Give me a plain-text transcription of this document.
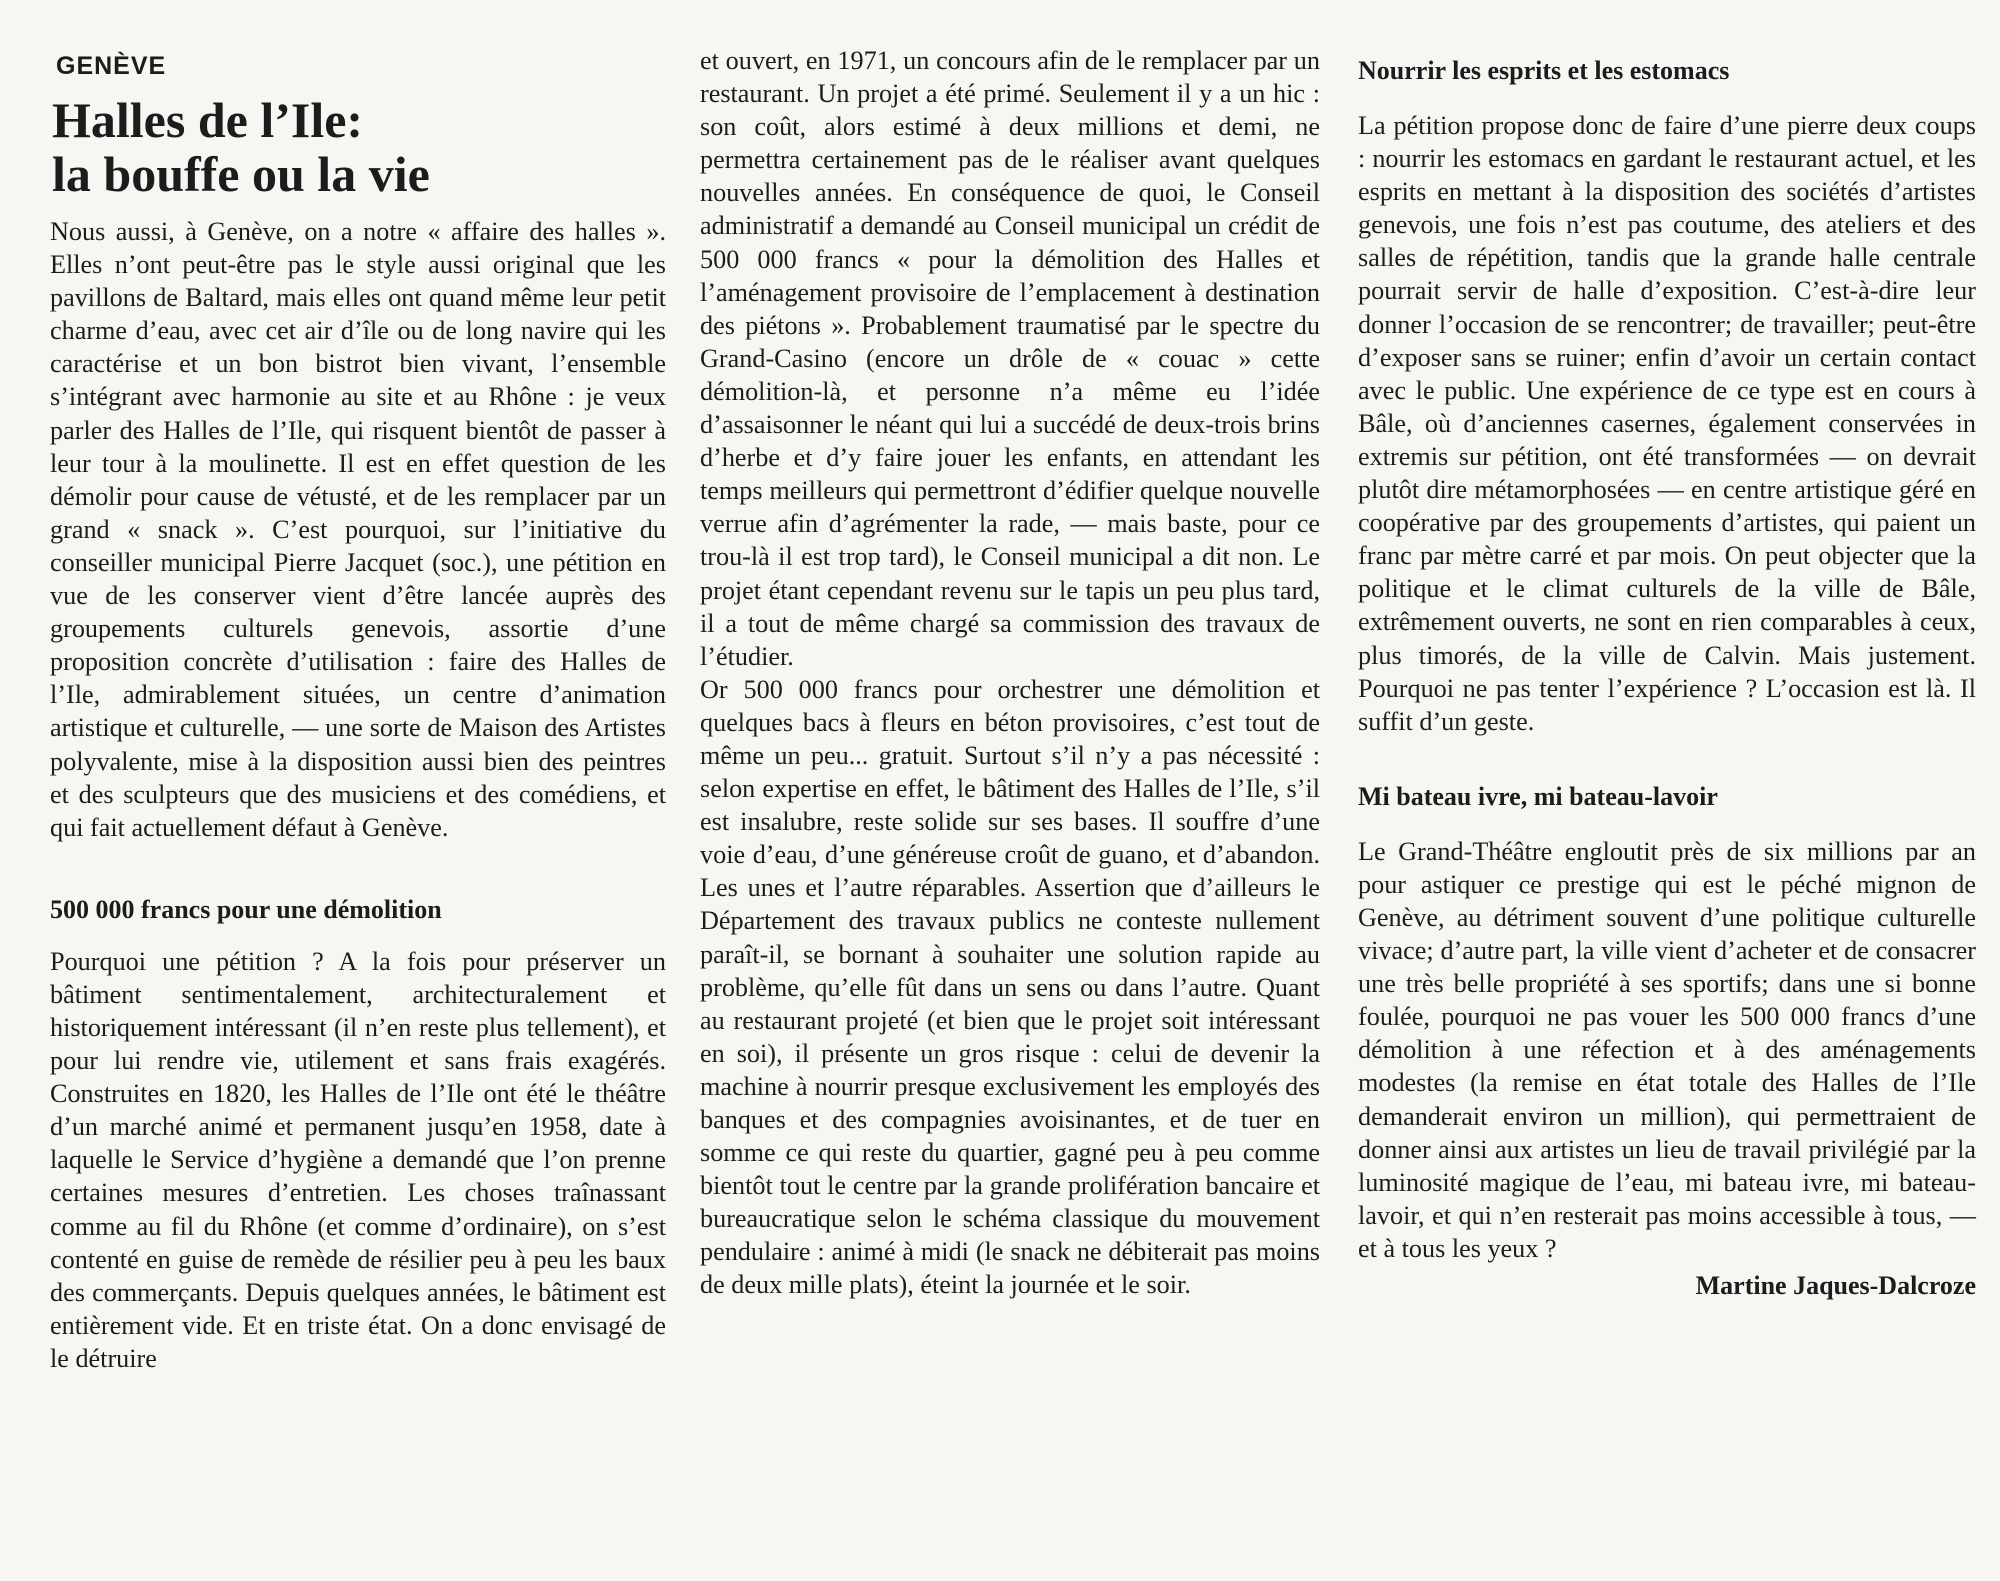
GENÈVE
Halles de l’Ile:
la bouffe ou la vie

Nous aussi, à Genève, on a notre « affaire des halles ». Elles n’ont peut-être pas le style aussi original que les pavillons de Baltard, mais elles ont quand même leur petit charme d’eau, avec cet air d’île ou de long navire qui les caractérise et un bon bistrot bien vivant, l’ensemble s’intégrant avec harmonie au site et au Rhône : je veux parler des Halles de l’Ile, qui risquent bientôt de passer à leur tour à la moulinette. Il est en effet question de les démolir pour cause de vétusté, et de les remplacer par un grand « snack ». C’est pourquoi, sur l’initiative du conseiller municipal Pierre Jacquet (soc.), une pétition en vue de les conserver vient d’être lancée auprès des groupements culturels genevois, assortie d’une proposition concrète d’utilisation : faire des Halles de l’Ile, admirablement situées, un centre d’animation artistique et culturelle, — une sorte de Maison des Artistes polyvalente, mise à la disposition aussi bien des peintres et des sculpteurs que des musiciens et des comédiens, et qui fait actuellement défaut à Genève.

500 000 francs pour une démolition

Pourquoi une pétition ? A la fois pour préserver un bâtiment sentimentalement, architecturalement et historiquement intéressant (il n’en reste plus tellement), et pour lui rendre vie, utilement et sans frais exagérés. Construites en 1820, les Halles de l’Ile ont été le théâtre d’un marché animé et permanent jusqu’en 1958, date à laquelle le Service d’hygiène a demandé que l’on prenne certaines mesures d’entretien. Les choses traînassant comme au fil du Rhône (et comme d’ordinaire), on s’est contenté en guise de remède de résilier peu à peu les baux des commerçants. Depuis quelques années, le bâtiment est entièrement vide. Et en triste état. On a donc envisagé de le détruire

et ouvert, en 1971, un concours afin de le remplacer par un restaurant. Un projet a été primé. Seulement il y a un hic : son coût, alors estimé à deux millions et demi, ne permettra certainement pas de le réaliser avant quelques nouvelles années. En conséquence de quoi, le Conseil administratif a demandé au Conseil municipal un crédit de 500 000 francs « pour la démolition des Halles et l’aménagement provisoire de l’emplacement à destination des piétons ». Probablement traumatisé par le spectre du Grand-Casino (encore un drôle de « couac » cette démolition-là, et personne n’a même eu l’idée d’assaisonner le néant qui lui a succédé de deux-trois brins d’herbe et d’y faire jouer les enfants, en attendant les temps meilleurs qui permettront d’édifier quelque nouvelle verrue afin d’agrémenter la rade, — mais baste, pour ce trou-là il est trop tard), le Conseil municipal a dit non. Le projet étant cependant revenu sur le tapis un peu plus tard, il a tout de même chargé sa commission des travaux de l’étudier.

Or 500 000 francs pour orchestrer une démolition et quelques bacs à fleurs en béton provisoires, c’est tout de même un peu... gratuit. Surtout s’il n’y a pas nécessité : selon expertise en effet, le bâtiment des Halles de l’Ile, s’il est insalubre, reste solide sur ses bases. Il souffre d’une voie d’eau, d’une généreuse croût de guano, et d’abandon. Les unes et l’autre réparables. Assertion que d’ailleurs le Département des travaux publics ne conteste nullement paraît-il, se bornant à souhaiter une solution rapide au problème, qu’elle fût dans un sens ou dans l’autre. Quant au restaurant projeté (et bien que le projet soit intéressant en soi), il présente un gros risque : celui de devenir la machine à nourrir presque exclusivement les employés des banques et des compagnies avoisinantes, et de tuer en somme ce qui reste du quartier, gagné peu à peu comme bientôt tout le centre par la grande prolifération bancaire et bureaucratique selon le schéma classique du mouvement pendulaire : animé à midi (le snack ne débiterait pas moins de deux mille plats), éteint la journée et le soir.

Nourrir les esprits et les estomacs

La pétition propose donc de faire d’une pierre deux coups : nourrir les estomacs en gardant le restaurant actuel, et les esprits en mettant à la disposition des sociétés d’artistes genevois, une fois n’est pas coutume, des ateliers et des salles de répétition, tandis que la grande halle centrale pourrait servir de halle d’exposition. C’est-à-dire leur donner l’occasion de se rencontrer; de travailler; peut-être d’exposer sans se ruiner; enfin d’avoir un certain contact avec le public. Une expérience de ce type est en cours à Bâle, où d’anciennes casernes, également conservées in extremis sur pétition, ont été transformées — on devrait plutôt dire métamorphosées — en centre artistique géré en coopérative par des groupements d’artistes, qui paient un franc par mètre carré et par mois. On peut objecter que la politique et le climat culturels de la ville de Bâle, extrêmement ouverts, ne sont en rien comparables à ceux, plus timorés, de la ville de Calvin. Mais justement. Pourquoi ne pas tenter l’expérience ? L’occasion est là. Il suffit d’un geste.

Mi bateau ivre, mi bateau-lavoir

Le Grand-Théâtre engloutit près de six millions par an pour astiquer ce prestige qui est le péché mignon de Genève, au détriment souvent d’une politique culturelle vivace; d’autre part, la ville vient d’acheter et de consacrer une très belle propriété à ses sportifs; dans une si bonne foulée, pourquoi ne pas vouer les 500 000 francs d’une démolition à une réfection et à des aménagements modestes (la remise en état totale des Halles de l’Ile demanderait environ un million), qui permettraient de donner ainsi aux artistes un lieu de travail privilégié par la luminosité magique de l’eau, mi bateau ivre, mi bateau-lavoir, et qui n’en resterait pas moins accessible à tous, — et à tous les yeux ?

Martine Jaques-Dalcroze
